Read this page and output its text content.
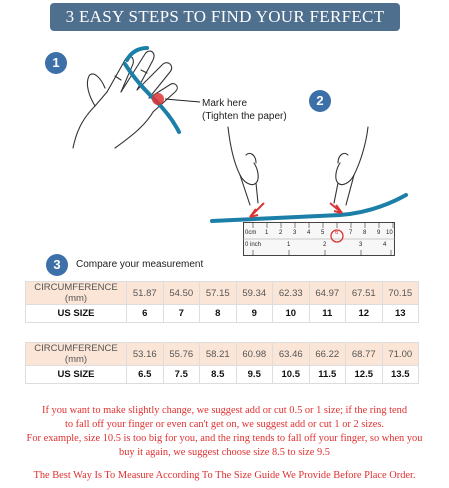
3 EASY STEPS TO FIND YOUR FERFECT SIZE
1
Mark here
(Tighten the paper)
2
0cm 1 2 3 4 5 6 7 8 9 10
0 inch	1	2	3	4
3	Compare your measurement
CIRCUMFERENCE
(mm)	51.87	54.50	57.15	59.34	62.33	64.97	67.51	70.15
US SIZE	6	7	8	9	10	11	12	13
CIRCUMFERENCE
(mm)	53.16	55.76	58.21	60.98	63.46	66.22	68.77	71.00
US SIZE	6.5	7.5	8.5	9.5	10.5	11.5	12.5	13.5
If you want to make slightly change, we suggest add or cut 0.5 or 1 size; if the ring tend
to fall off your finger or even can't get on, we suggest add or cut 1 or 2 sizes.
For example, size 10.5 is too big for you, and the ring tends to fall off your finger, so when you
buy it again, we suggest choose size 8.5 to size 9.5
The Best Way Is To Measure According To The Size Guide We Provide Before Place Order.
